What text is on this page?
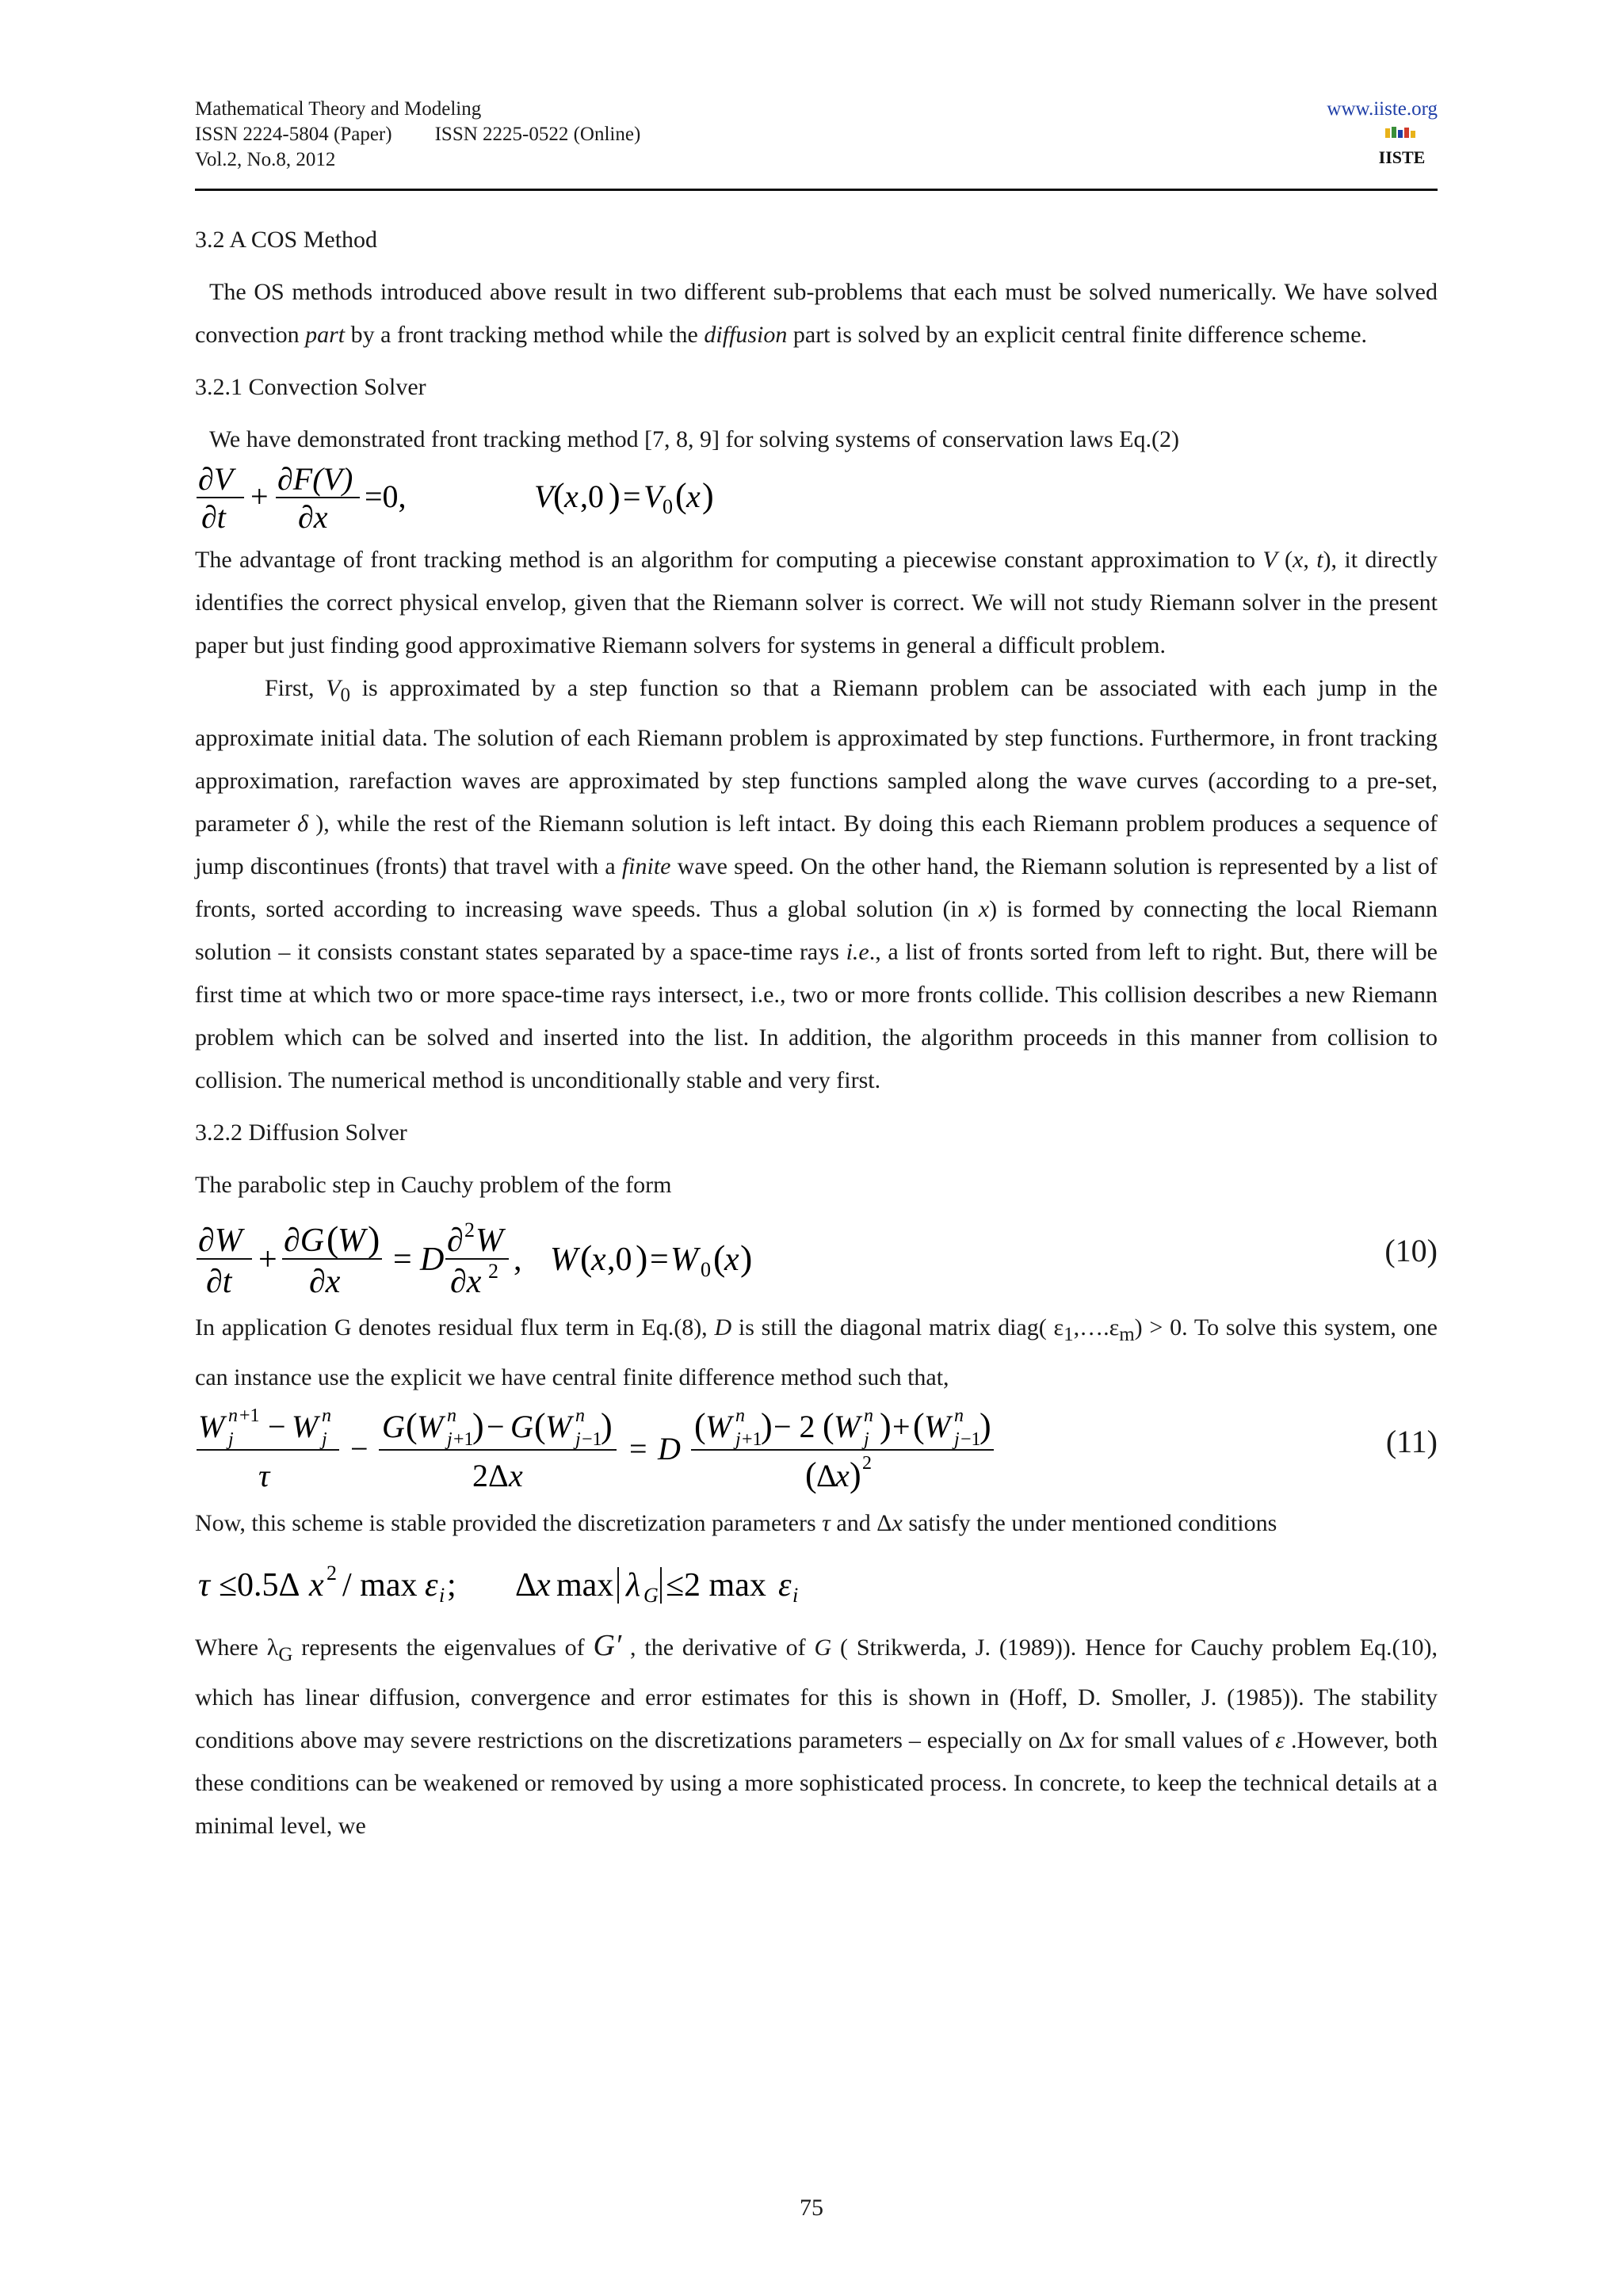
Mathematical Theory and Modeling
ISSN 2224-5804 (Paper) ISSN 2225-0522 (Online)
Vol.2, No.8, 2012
www.iiste.org
IISTE
3.2 A COS Method

The OS methods introduced above result in two different sub-problems that each must be solved numerically. We have solved convection part by a front tracking method while the diffusion part is solved by an explicit central finite difference scheme.

3.2.1 Convection Solver

We have demonstrated front tracking method [7, 8, 9] for solving systems of conservation laws Eq.(2)

∂V
∂t
+ ∂F(V)
∂x
=0,	V ( x ,0 ) = V 0 ( x )

The advantage of front tracking method is an algorithm for computing a piecewise constant approximation to V (x, t), it directly identifies the correct physical envelop, given that the Riemann solver is correct. We will not study Riemann solver in the present paper but just finding good approximative Riemann solvers for systems in general a difficult problem.

First, $V_0$ is approximated by a step function so that a Riemann problem can be associated with each jump in the approximate initial data. The solution of each Riemann problem is approximated by step functions. Furthermore, in front tracking approximation, rarefaction waves are approximated by step functions sampled along the wave curves (according to a pre-set, parameter δ ), while the rest of the Riemann solution is left intact. By doing this each Riemann problem produces a sequence of jump discontinues (fronts) that travel with a finite wave speed. On the other hand, the Riemann solution is represented by a list of fronts, sorted according to increasing wave speeds. Thus a global solution (in x) is formed by connecting the local Riemann solution – it consists constant states separated by a space-time rays i.e., a list of fronts sorted from left to right. But, there will be first time at which two or more space-time rays intersect, i.e., two or more fronts collide. This collision describes a new Riemann problem which can be solved and inserted into the list. In addition, the algorithm proceeds in this manner from collision to collision. The numerical method is unconditionally stable and very first.

3.2.2 Diffusion Solver

The parabolic step in Cauchy problem of the form

∂W
∂t
+
∂G (
W )
∂x
= D
∂ 2 W
∂x 2 , W (
x ,0 ) = W 0 (
x )	(10)

In application G denotes residual flux term in Eq.(8), D is still the diagonal matrix diag( $\varepsilon_1,\dots.\varepsilon_m) > 0$. To solve this system, one can instance use the explicit we have central finite difference method such that,

W n +1
j − W n
j
τ
−
G ( W n
j +1
) − G ( W n
j −1
)
2Δ x
= D
( W n
j +1
) − 2 ( W n
j ) + ( W n
j −1
)
( Δ
x ) 2
(11)

Now, this scheme is stable provided the discretization parameters τ and Δx satisfy the under mentioned conditions

τ ≤0.5Δ x 2 / max ε i ; Δ
x max λ G ≤2 max ε i

Where $\lambda_G$ represents the eigenvalues of G′ , the derivative of G ( Strikwerda, J. (1989)). Hence for Cauchy problem Eq.(10), which has linear diffusion, convergence and error estimates for this is shown in (Hoff, D. Smoller, J. (1985)). The stability conditions above may severe restrictions on the discretizations parameters – especially on Δx for small values of ε .However, both these conditions can be weakened or removed by using a more sophisticated process. In concrete, to keep the technical details at a minimal level, we

75
